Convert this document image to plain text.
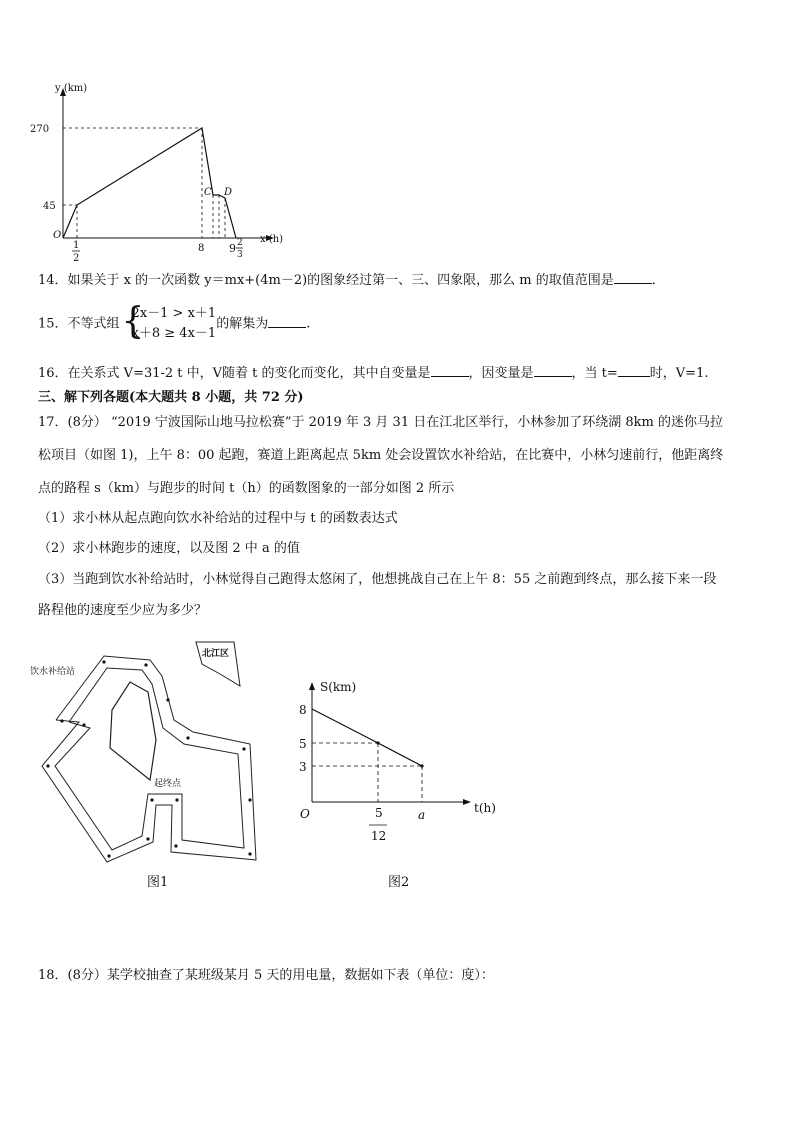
y (km)
x (h)
270
45
O
1
2
8 9 2
3
C D
14．如果关于 x 的一次函数 y＝mx+(4m－2)的图象经过第一、三、四象限，那么 m 的取值范围是	．
15．不等式组 {
2x－1 > x＋1
x＋8 ≥ 4x－1
的解集为	.
16．在关系式 V=31-2 t 中，V随着 t 的变化而变化，其中自变量是	，因变量是	，当 t= 时，V=1.
三、解下列各题(本大题共 8 小题，共 72 分)
17．(8分） “2019 宁波国际山地马拉松赛”于 2019 年 3 月 31 日在江北区举行，小林参加了环绕湖 8km 的迷你马拉
松项目（如图 1)，上午 8：00 起跑，赛道上距离起点 5km 处会设置饮水补给站，在比赛中，小林匀速前行，他距离终
点的路程 s（km）与跑步的时间 t（h）的函数图象的一部分如图 2 所示
（1）求小林从起点跑向饮水补给站的过程中与 t 的函数表达式
（2）求小林跑步的速度，以及图 2 中 a 的值
（3）当跑到饮水补给站时，小林觉得自己跑得太悠闲了，他想挑战自己在上午 8：55 之前跑到终点，那么接下来一段
路程他的速度至少应为多少？
北江区
饮水补给站
起终点
图1
S(km)
t(h)
O
8
5
3
5
12
a
图2
18．(8分）某学校抽查了某班级某月 5 天的用电量，数据如下表（单位：度）：
